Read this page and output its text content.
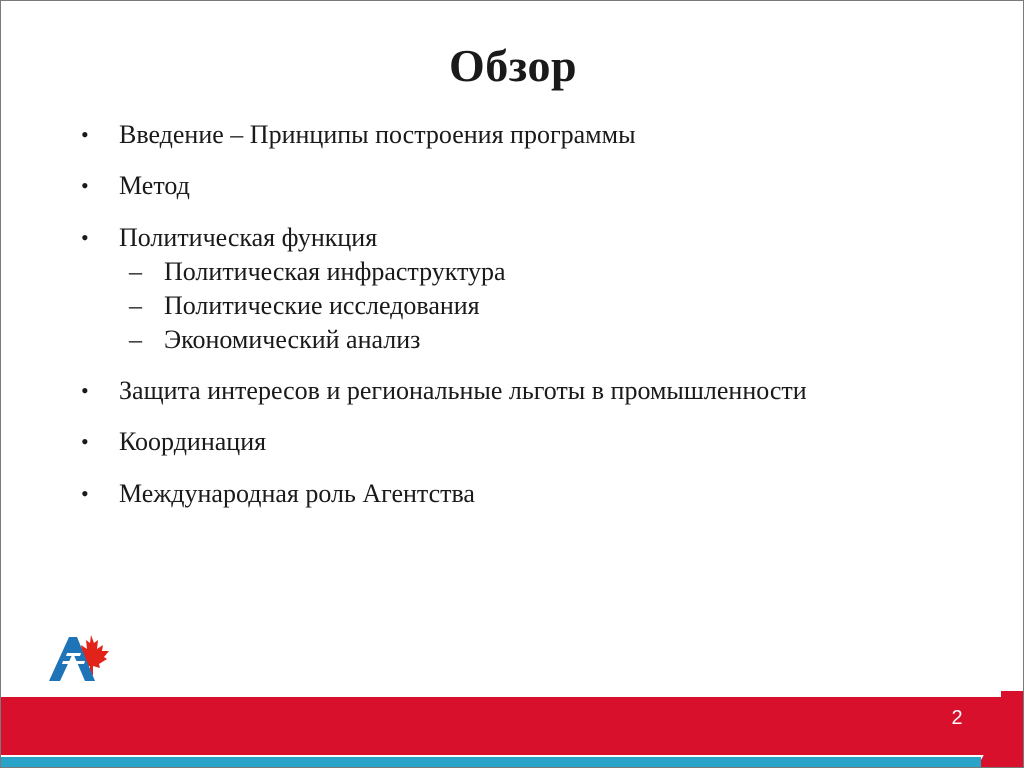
Обзор
• Введение – Принципы построения программы
• Метод
• Политическая функция
– Политическая инфраструктура
– Политические исследования
– Экономический анализ
• Защита интересов и региональные льготы в промышленности
• Координация
• Международная роль Агентства
2
